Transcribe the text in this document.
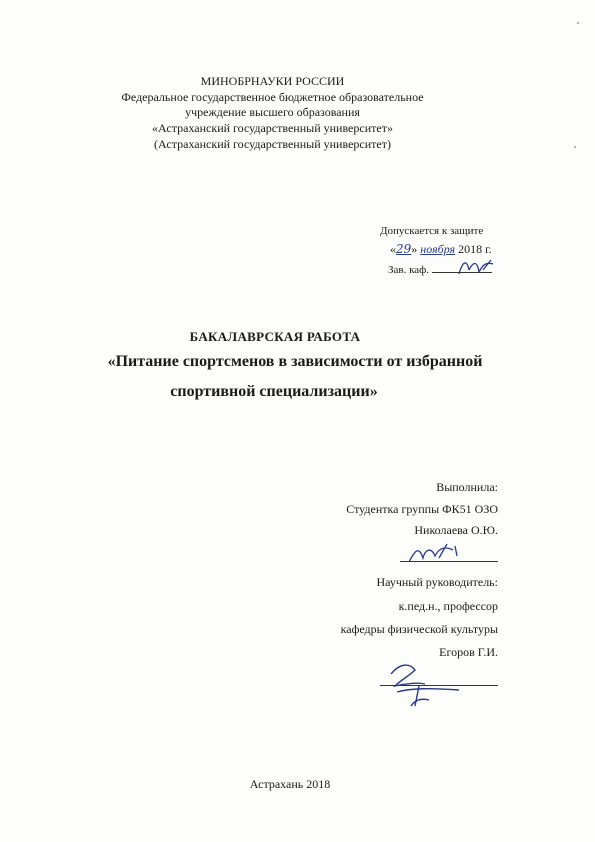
МИНОБРНАУКИ РОССИИ
Федеральное государственное бюджетное образовательное
учреждение высшего образования
«Астраханский государственный университет»
(Астраханский государственный университет)
Допускается к защите
«29» ноября 2018 г.
Зав. каф.
БАКАЛАВРСКАЯ РАБОТА
«Питание спортсменов в зависимости от избранной
спортивной специализации»
Выполнила:
Студентка группы ФК51 ОЗО
Николаева О.Ю.
Научный руководитель:
к.пед.н., профессор
кафедры физической культуры
Егоров Г.И.
Астрахань 2018
